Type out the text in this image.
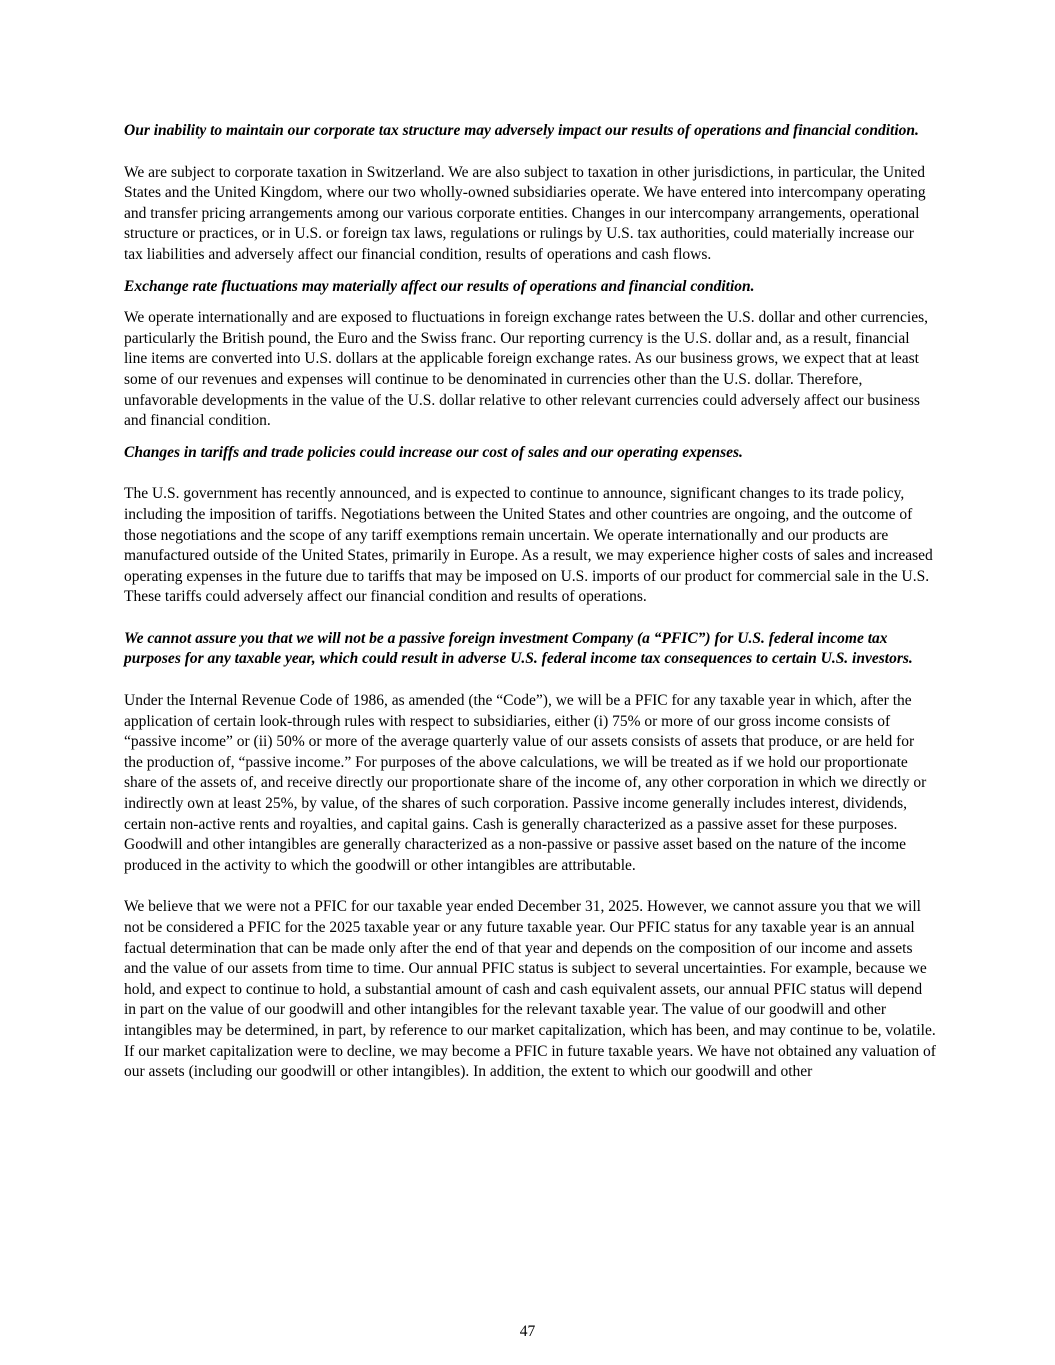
Our inability to maintain our corporate tax structure may adversely impact our results of operations and financial condition.

We are subject to corporate taxation in Switzerland. We are also subject to taxation in other jurisdictions, in particular, the United States and the United Kingdom, where our two wholly-owned subsidiaries operate. We have entered into intercompany operating and transfer pricing arrangements among our various corporate entities. Changes in our intercompany arrangements, operational structure or practices, or in U.S. or foreign tax laws, regulations or rulings by U.S. tax authorities, could materially increase our tax liabilities and adversely affect our financial condition, results of operations and cash flows.

Exchange rate fluctuations may materially affect our results of operations and financial condition.

We operate internationally and are exposed to fluctuations in foreign exchange rates between the U.S. dollar and other currencies, particularly the British pound, the Euro and the Swiss franc. Our reporting currency is the U.S. dollar and, as a result, financial line items are converted into U.S. dollars at the applicable foreign exchange rates. As our business grows, we expect that at least some of our revenues and expenses will continue to be denominated in currencies other than the U.S. dollar. Therefore, unfavorable developments in the value of the U.S. dollar relative to other relevant currencies could adversely affect our business and financial condition.

Changes in tariffs and trade policies could increase our cost of sales and our operating expenses.

The U.S. government has recently announced, and is expected to continue to announce, significant changes to its trade policy, including the imposition of tariffs. Negotiations between the United States and other countries are ongoing, and the outcome of those negotiations and the scope of any tariff exemptions remain uncertain. We operate internationally and our products are manufactured outside of the United States, primarily in Europe. As a result, we may experience higher costs of sales and increased operating expenses in the future due to tariffs that may be imposed on U.S. imports of our product for commercial sale in the U.S. These tariffs could adversely affect our financial condition and results of operations.

We cannot assure you that we will not be a passive foreign investment Company (a “PFIC”) for U.S. federal income tax purposes for any taxable year, which could result in adverse U.S. federal income tax consequences to certain U.S. investors.

Under the Internal Revenue Code of 1986, as amended (the “Code”), we will be a PFIC for any taxable year in which, after the application of certain look-through rules with respect to subsidiaries, either (i) 75% or more of our gross income consists of “passive income” or (ii) 50% or more of the average quarterly value of our assets consists of assets that produce, or are held for the production of, “passive income.” For purposes of the above calculations, we will be treated as if we hold our proportionate share of the assets of, and receive directly our proportionate share of the income of, any other corporation in which we directly or indirectly own at least 25%, by value, of the shares of such corporation. Passive income generally includes interest, dividends, certain non-active rents and royalties, and capital gains. Cash is generally characterized as a passive asset for these purposes. Goodwill and other intangibles are generally characterized as a non-passive or passive asset based on the nature of the income produced in the activity to which the goodwill or other intangibles are attributable.

We believe that we were not a PFIC for our taxable year ended December 31, 2025. However, we cannot assure you that we will not be considered a PFIC for the 2025 taxable year or any future taxable year. Our PFIC status for any taxable year is an annual factual determination that can be made only after the end of that year and depends on the composition of our income and assets and the value of our assets from time to time. Our annual PFIC status is subject to several uncertainties. For example, because we hold, and expect to continue to hold, a substantial amount of cash and cash equivalent assets, our annual PFIC status will depend in part on the value of our goodwill and other intangibles for the relevant taxable year. The value of our goodwill and other intangibles may be determined, in part, by reference to our market capitalization, which has been, and may continue to be, volatile. If our market capitalization were to decline, we may become a PFIC in future taxable years. We have not obtained any valuation of our assets (including our goodwill or other intangibles). In addition, the extent to which our goodwill and other

47
